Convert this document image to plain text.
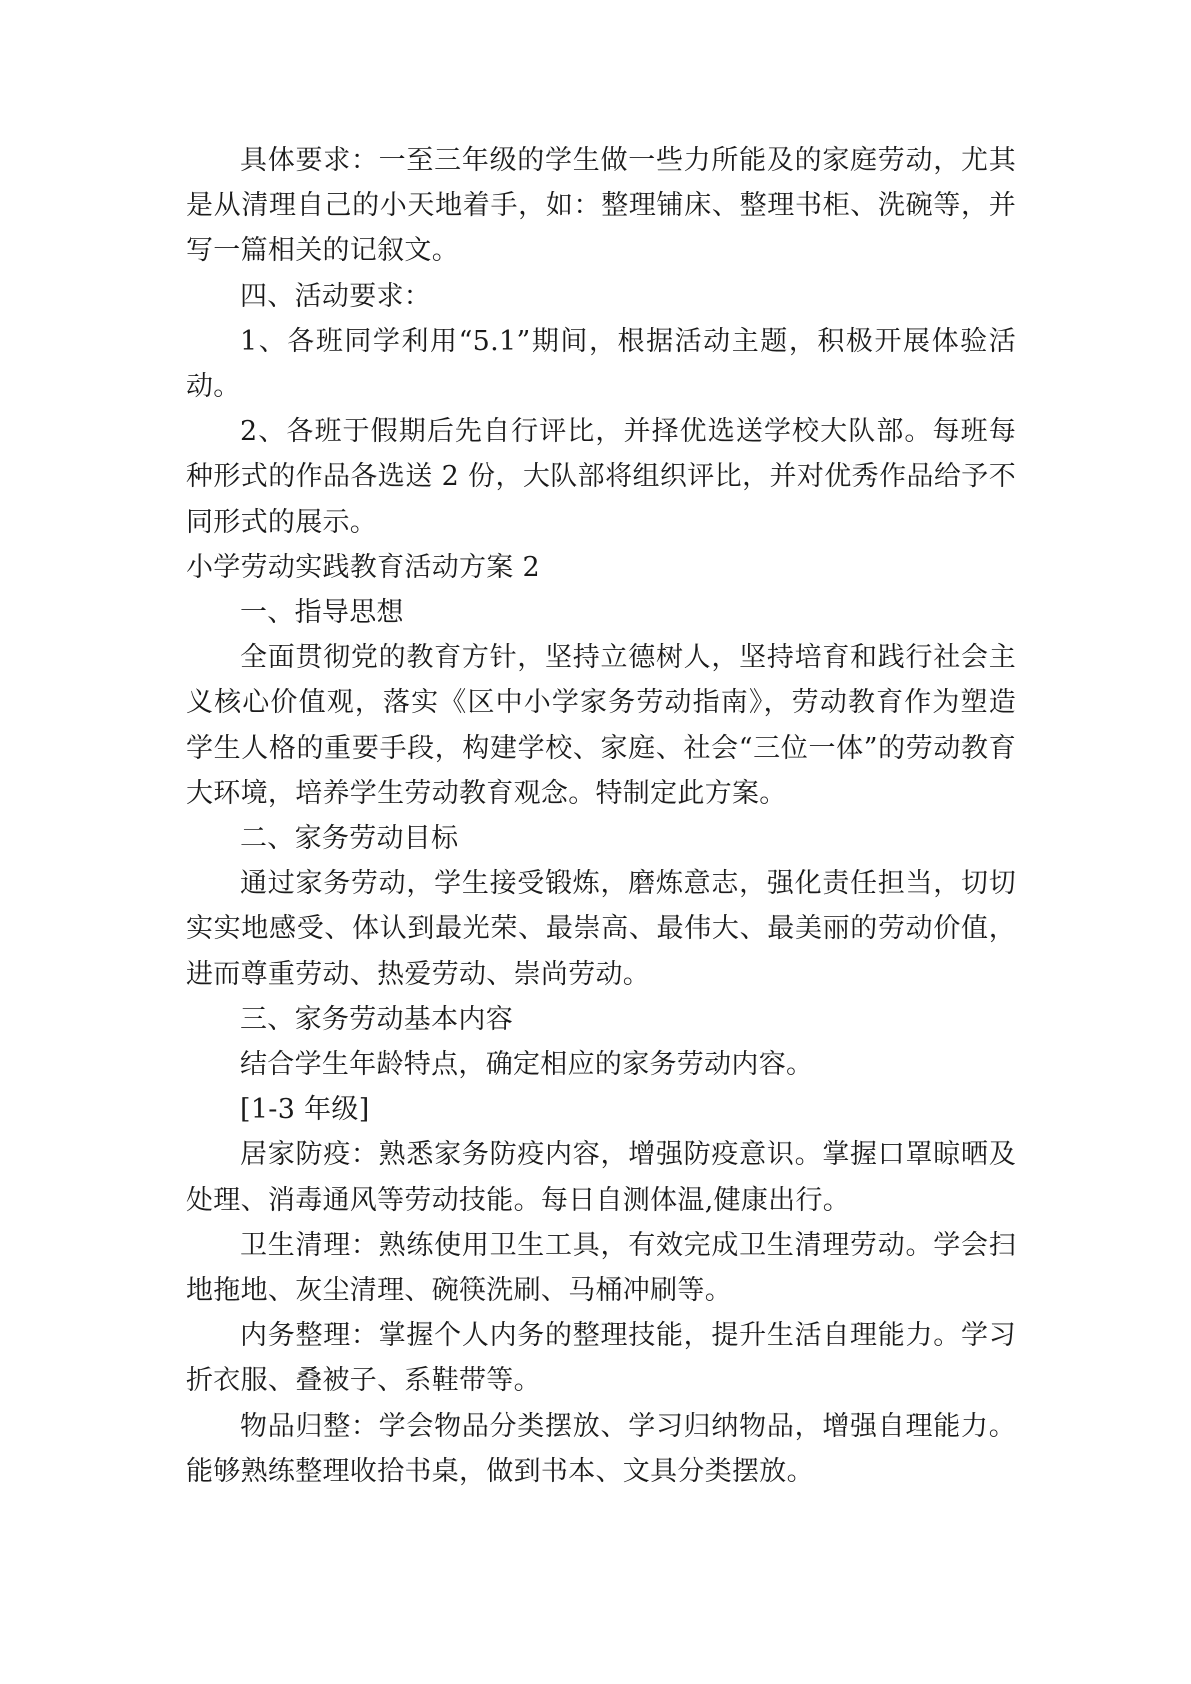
具体要求：一至三年级的学生做一些力所能及的家庭劳动，尤其是从清理自己的小天地着手，如：整理铺床、整理书柜、洗碗等，并写一篇相关的记叙文。

四、活动要求：

1、各班同学利用“5.1”期间，根据活动主题，积极开展体验活动。

2、各班于假期后先自行评比，并择优选送学校大队部。每班每种形式的作品各选送 2 份，大队部将组织评比，并对优秀作品给予不同形式的展示。

小学劳动实践教育活动方案 2

一、指导思想

全面贯彻党的教育方针，坚持立德树人，坚持培育和践行社会主义核心价值观，落实《区中小学家务劳动指南》，劳动教育作为塑造学生人格的重要手段，构建学校、家庭、社会“三位一体”的劳动教育大环境，培养学生劳动教育观念。特制定此方案。

二、家务劳动目标

通过家务劳动，学生接受锻炼，磨炼意志，强化责任担当，切切实实地感受、体认到最光荣、最崇高、最伟大、最美丽的劳动价值，进而尊重劳动、热爱劳动、崇尚劳动。

三、家务劳动基本内容

结合学生年龄特点，确定相应的家务劳动内容。

[1-3 年级]

居家防疫：熟悉家务防疫内容，增强防疫意识。掌握口罩晾晒及处理、消毒通风等劳动技能。每日自测体温,健康出行。

卫生清理：熟练使用卫生工具，有效完成卫生清理劳动。学会扫地拖地、灰尘清理、碗筷洗刷、马桶冲刷等。

内务整理：掌握个人内务的整理技能，提升生活自理能力。学习折衣服、叠被子、系鞋带等。

物品归整：学会物品分类摆放、学习归纳物品，增强自理能力。能够熟练整理收拾书桌，做到书本、文具分类摆放。
